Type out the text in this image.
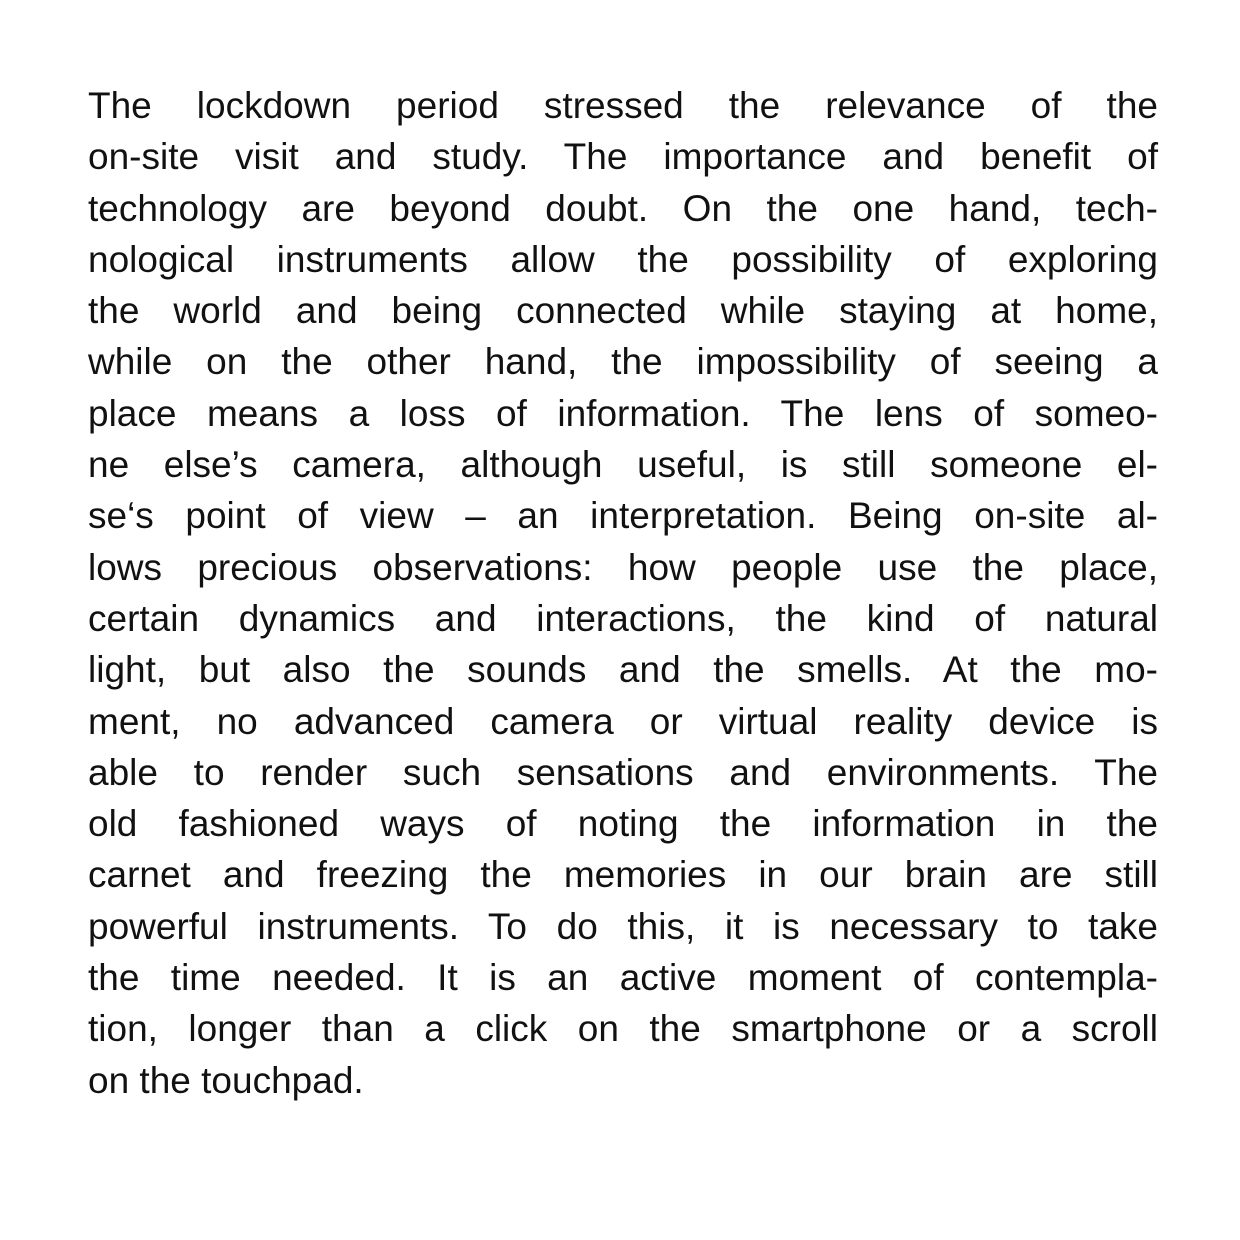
The lockdown period stressed the relevance of the
on-site visit and study. The importance and benefit of
technology are beyond doubt. On the one hand, tech-
nological instruments allow the possibility of exploring
the world and being connected while staying at home,
while on the other hand, the impossibility of seeing a
place means a loss of information. The lens of someo-
ne else’s camera, although useful, is still someone el-
se‘s point of view – an interpretation. Being on-site al-
lows precious observations: how people use the place,
certain dynamics and interactions, the kind of natural
light, but also the sounds and the smells. At the mo-
ment, no advanced camera or virtual reality device is
able to render such sensations and environments. The
old fashioned ways of noting the information in the
carnet and freezing the memories in our brain are still
powerful instruments. To do this, it is necessary to take
the time needed. It is an active moment of contempla-
tion, longer than a click on the smartphone or a scroll
on the touchpad.
